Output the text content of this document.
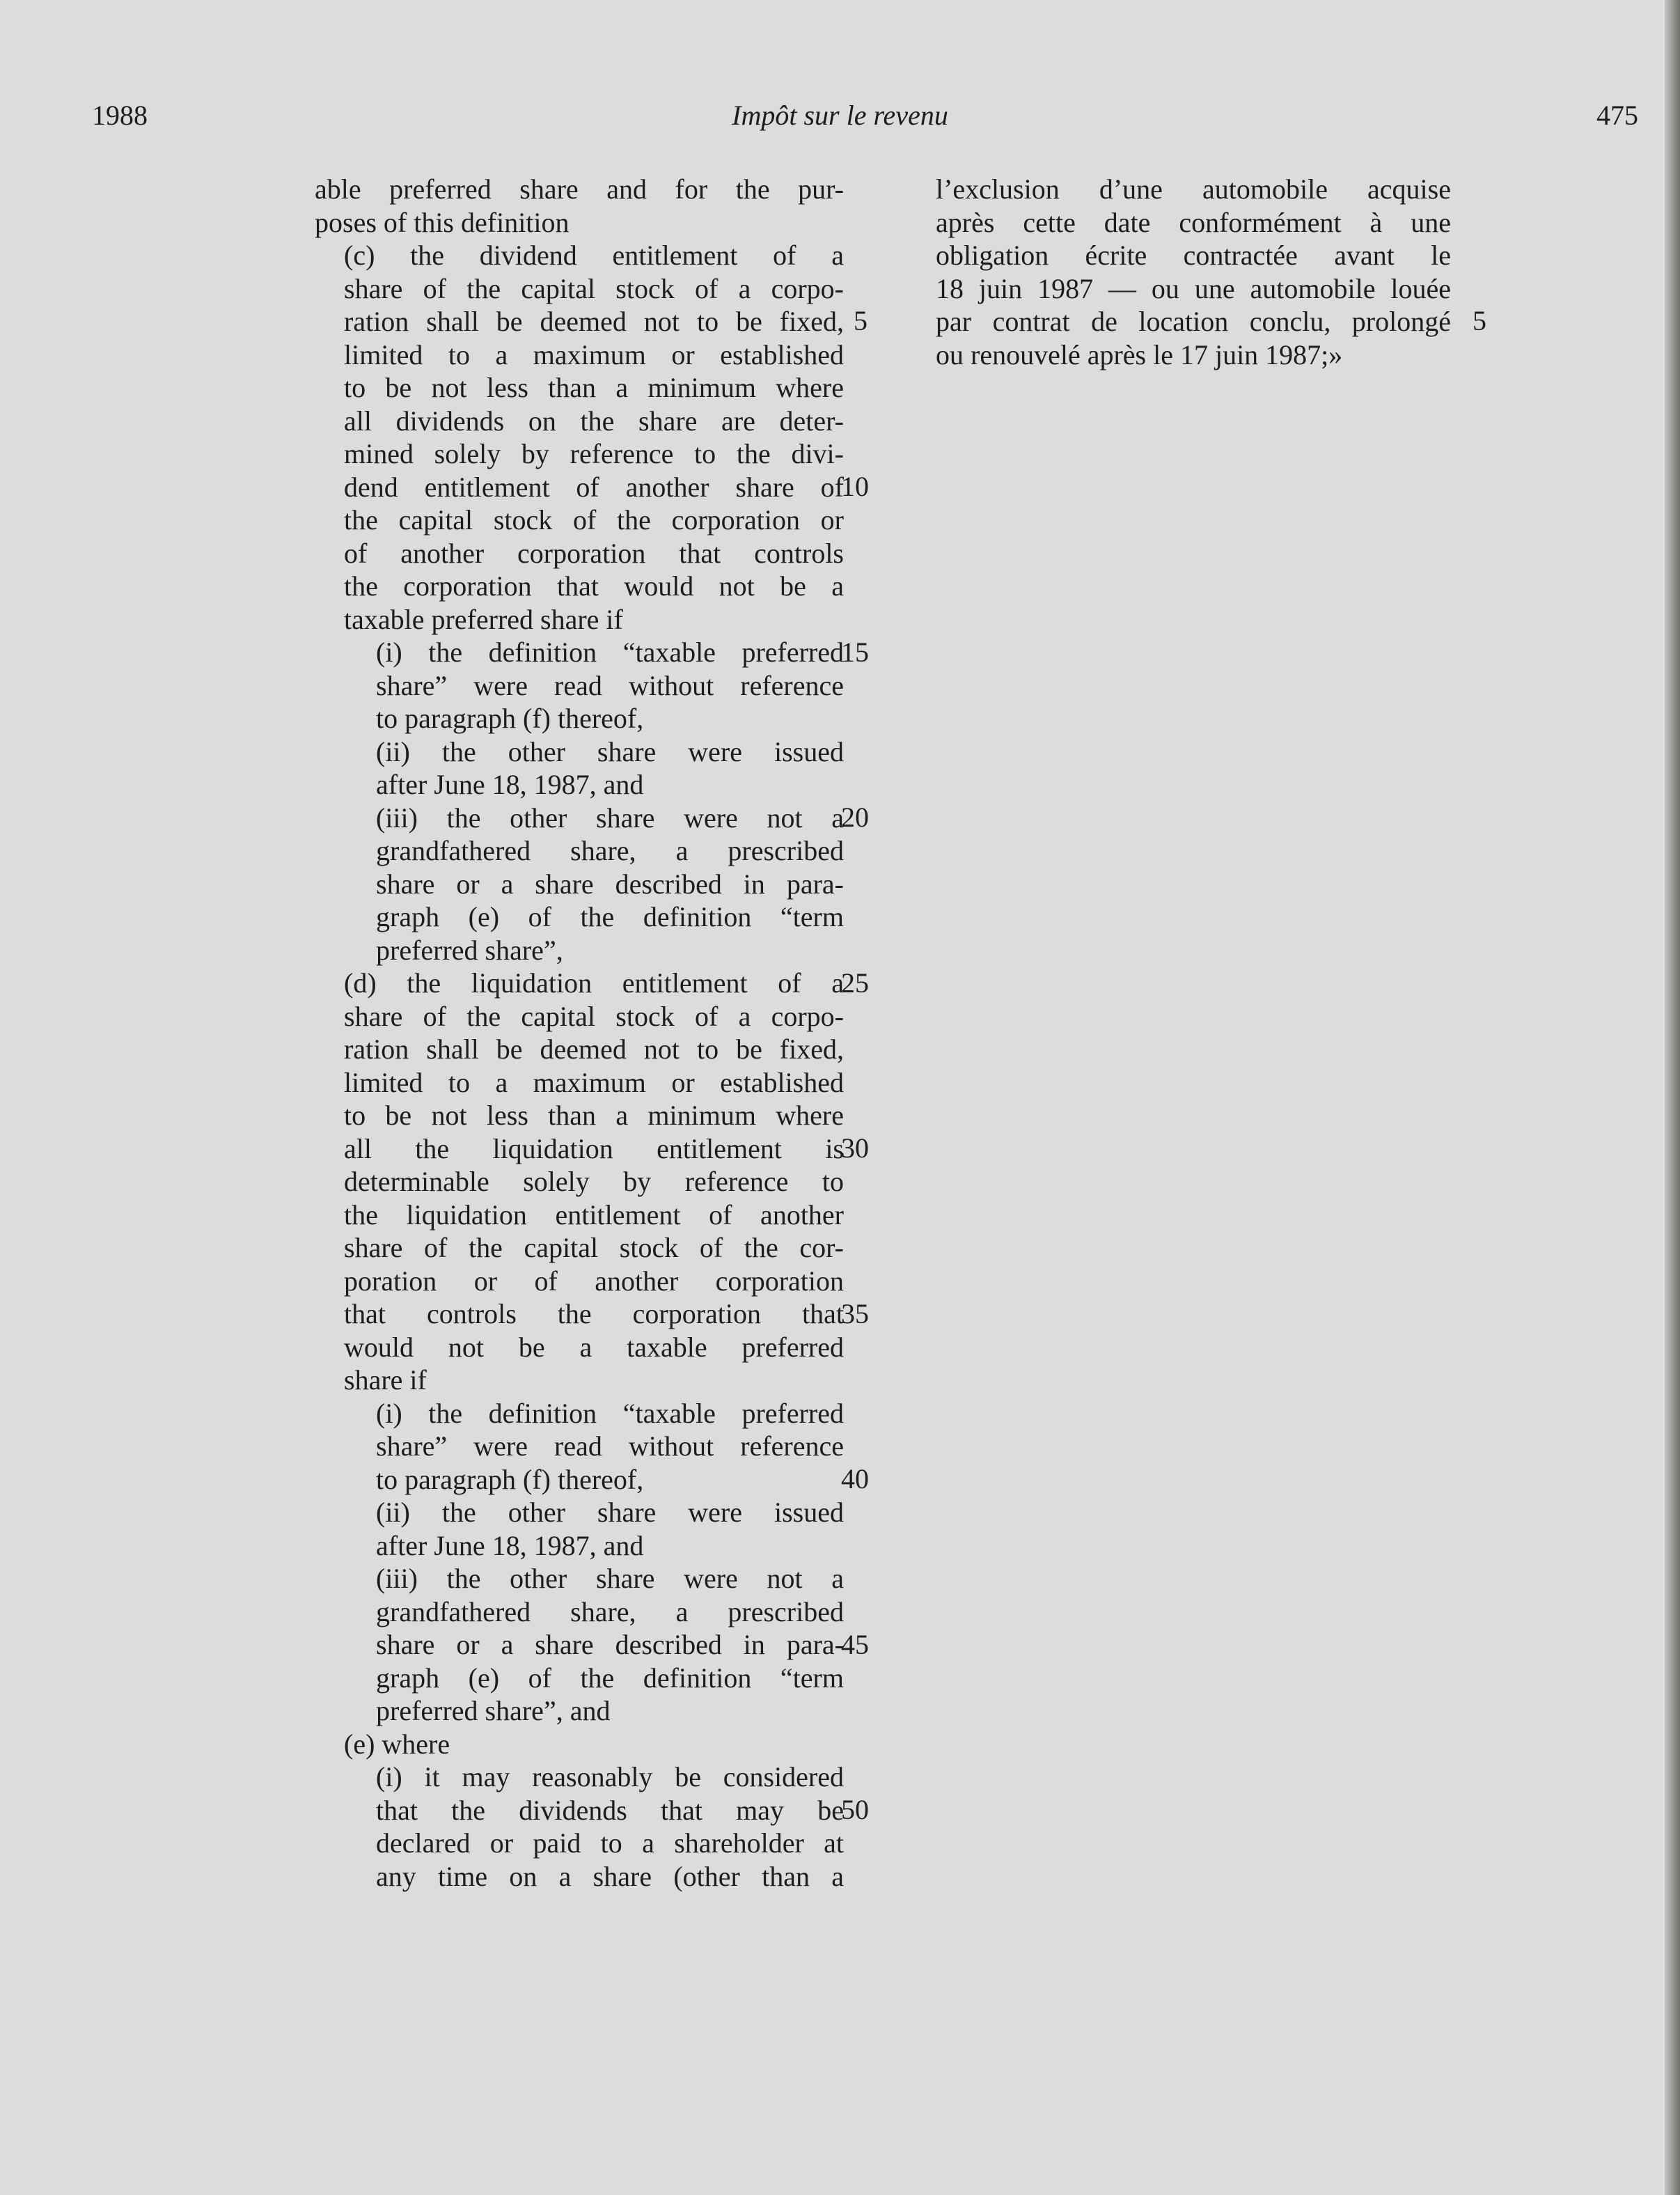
1988	Impôt sur le revenu	475
able preferred share and for the pur-
poses of this definition
(c) the dividend entitlement of a
share of the capital stock of a corpo-
ration shall be deemed not to be fixed,
limited to a maximum or established
to be not less than a minimum where
all dividends on the share are deter-
mined solely by reference to the divi-
dend entitlement of another share of
the capital stock of the corporation or
of another corporation that controls
the corporation that would not be a
taxable preferred share if
(i) the definition “taxable preferred
share” were read without reference
to paragraph (f) thereof,
(ii) the other share were issued
after June 18, 1987, and
(iii) the other share were not a
grandfathered share, a prescribed
share or a share described in para-
graph (e) of the definition “term
preferred share”,
(d) the liquidation entitlement of a
share of the capital stock of a corpo-
ration shall be deemed not to be fixed,
limited to a maximum or established
to be not less than a minimum where
all the liquidation entitlement is
determinable solely by reference to
the liquidation entitlement of another
share of the capital stock of the cor-
poration or of another corporation
that controls the corporation that
would not be a taxable preferred
share if
(i) the definition “taxable preferred
share” were read without reference
to paragraph (f) thereof,
(ii) the other share were issued
after June 18, 1987, and
(iii) the other share were not a
grandfathered share, a prescribed
share or a share described in para-
graph (e) of the definition “term
preferred share”, and
(e) where
(i) it may reasonably be considered
that the dividends that may be
declared or paid to a shareholder at
any time on a share (other than a
5
10
15
20
25
30
35
40
45
50
l’exclusion d’une automobile acquise
après cette date conformément à une
obligation écrite contractée avant le
18 juin 1987 — ou une automobile louée
par contrat de location conclu, prolongé
ou renouvelé après le 17 juin 1987;»
5
